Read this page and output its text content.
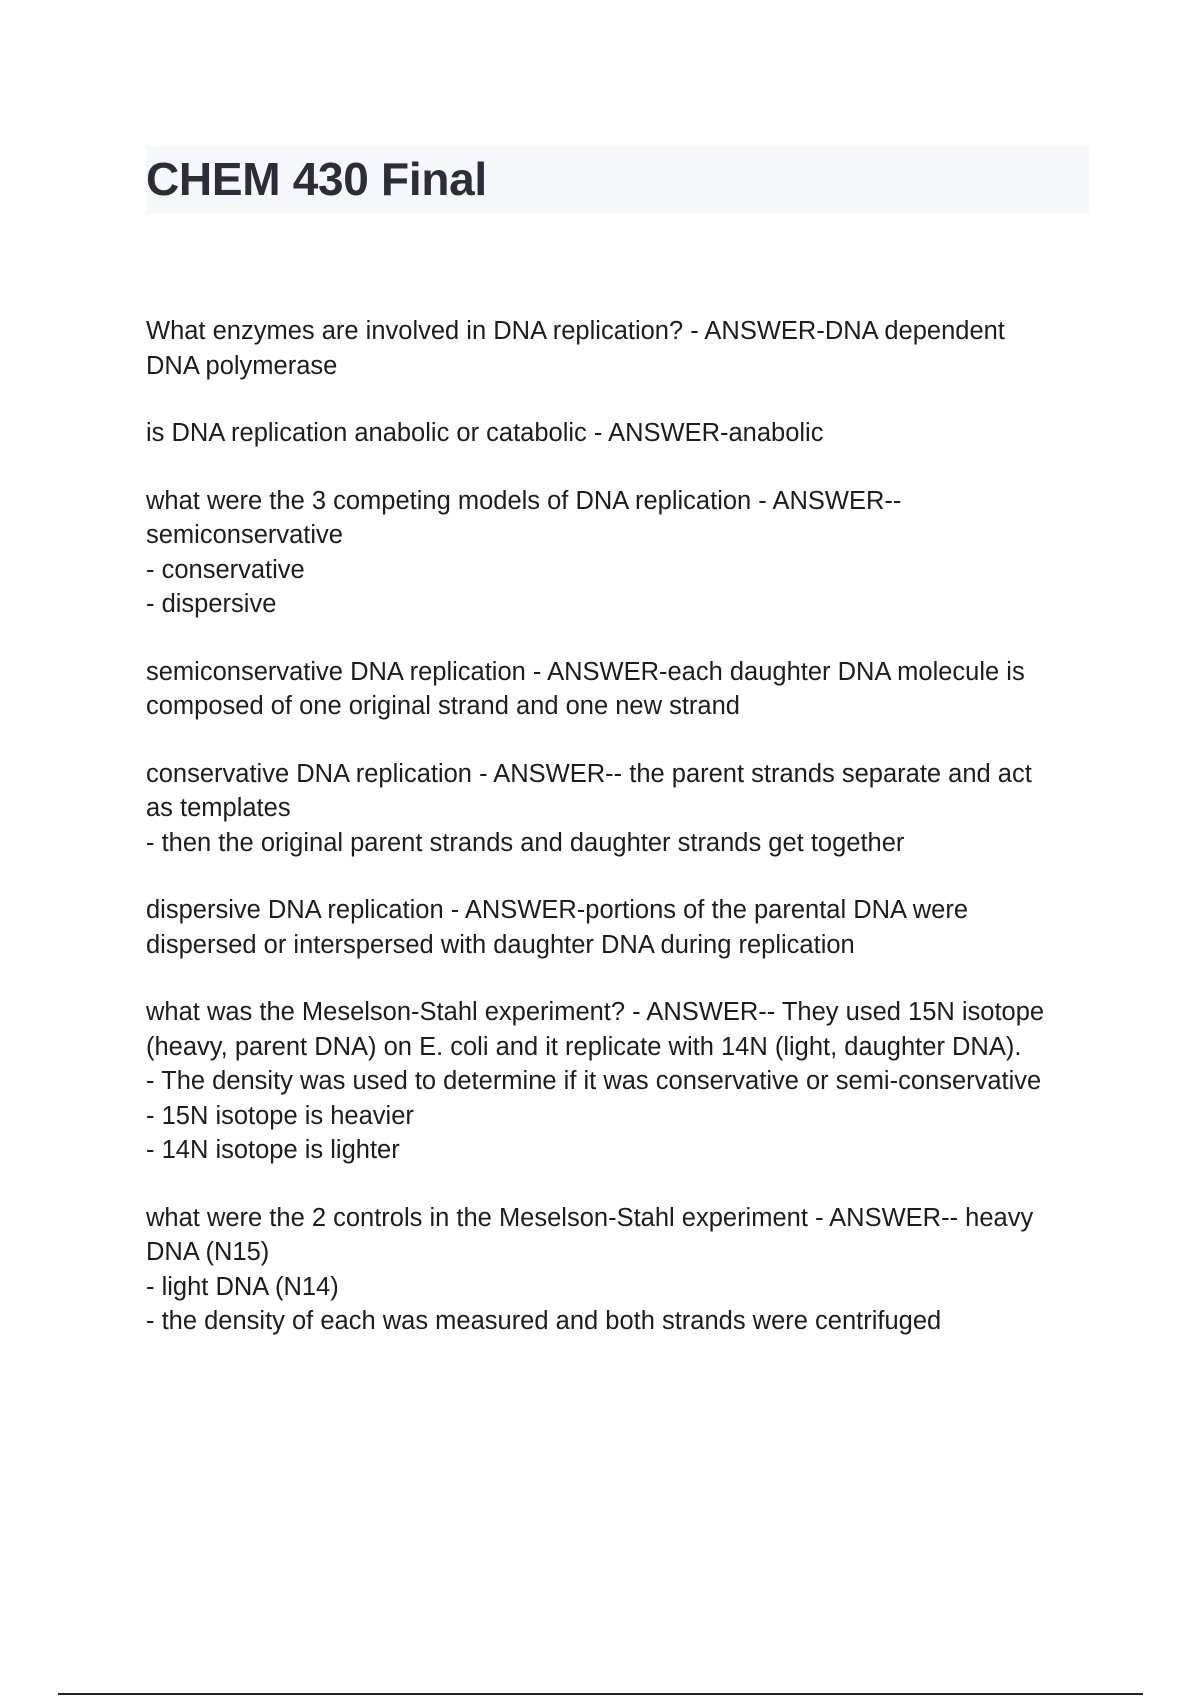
CHEM 430 Final
What enzymes are involved in DNA replication? - ANSWER-DNA dependent
DNA polymerase
is DNA replication anabolic or catabolic - ANSWER-anabolic
what were the 3 competing models of DNA replication - ANSWER--
semiconservative
- conservative
- dispersive
semiconservative DNA replication - ANSWER-each daughter DNA molecule is
composed of one original strand and one new strand
conservative DNA replication - ANSWER-- the parent strands separate and act
as templates
- then the original parent strands and daughter strands get together
dispersive DNA replication - ANSWER-portions of the parental DNA were
dispersed or interspersed with daughter DNA during replication
what was the Meselson-Stahl experiment? - ANSWER-- They used 15N isotope
(heavy, parent DNA) on E. coli and it replicate with 14N (light, daughter DNA).
- The density was used to determine if it was conservative or semi-conservative
- 15N isotope is heavier
- 14N isotope is lighter
what were the 2 controls in the Meselson-Stahl experiment - ANSWER-- heavy
DNA (N15)
- light DNA (N14)
- the density of each was measured and both strands were centrifuged
